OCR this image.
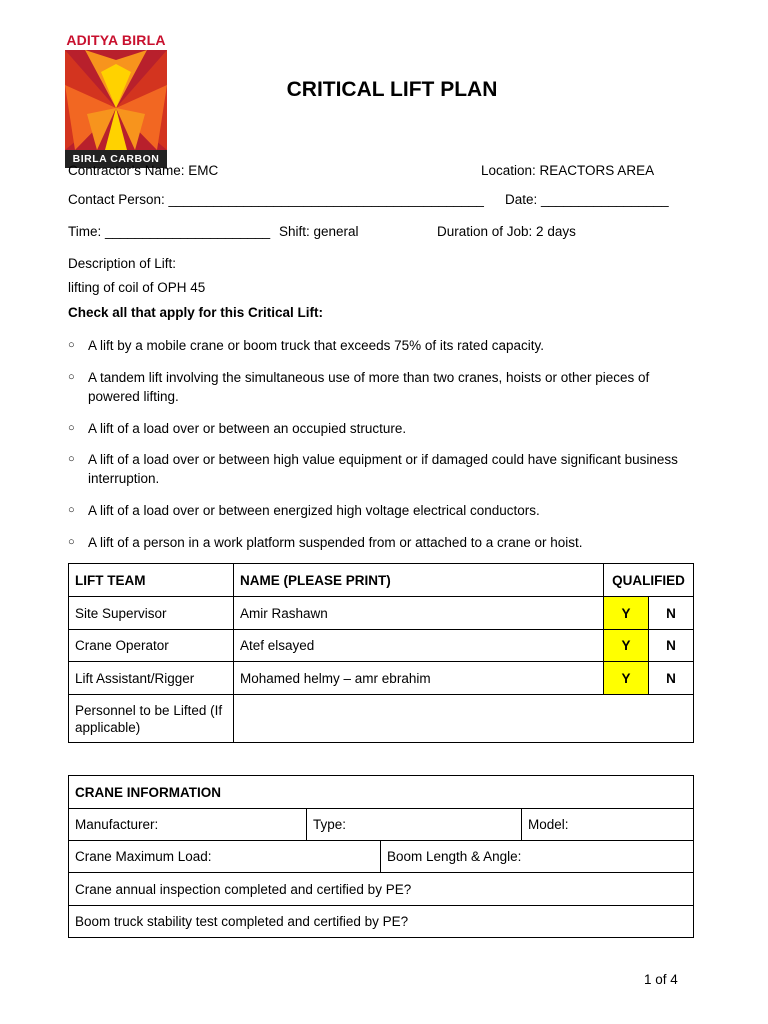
ADITYA BIRLA
BIRLA CARBON
CRITICAL LIFT PLAN
Contractor’s Name: EMC	Location: REACTORS AREA
Contact Person: __________________________________________ Date: _________________
Time: ______________________ Shift: general	Duration of Job: 2 days
Description of Lift:
lifting of coil of OPH 45
Check all that apply for this Critical Lift:
○ A lift by a mobile crane or boom truck that exceeds 75% of its rated capacity.
○ A tandem lift involving the simultaneous use of more than two cranes, hoists or other pieces of powered lifting.
○ A lift of a load over or between an occupied structure.
○ A lift of a load over or between high value equipment or if damaged could have significant business interruption.
○ A lift of a load over or between energized high voltage electrical conductors.
○ A lift of a person in a work platform suspended from or attached to a crane or hoist.
LIFT TEAM	NAME (PLEASE PRINT)	QUALIFIED	
Site Supervisor	Amir Rashawn	Y	N
Crane Operator	Atef elsayed	Y	N
Lift Assistant/Rigger	Mohamed helmy – amr ebrahim	Y	N
Personnel to be Lifted (If applicable)			
CRANE INFORMATION			
Manufacturer:	Type:		Model:
Crane Maximum Load:		Boom Length & Angle:	
Crane annual inspection completed and certified by PE?			
Boom truck stability test completed and certified by PE?			
1 of 4
